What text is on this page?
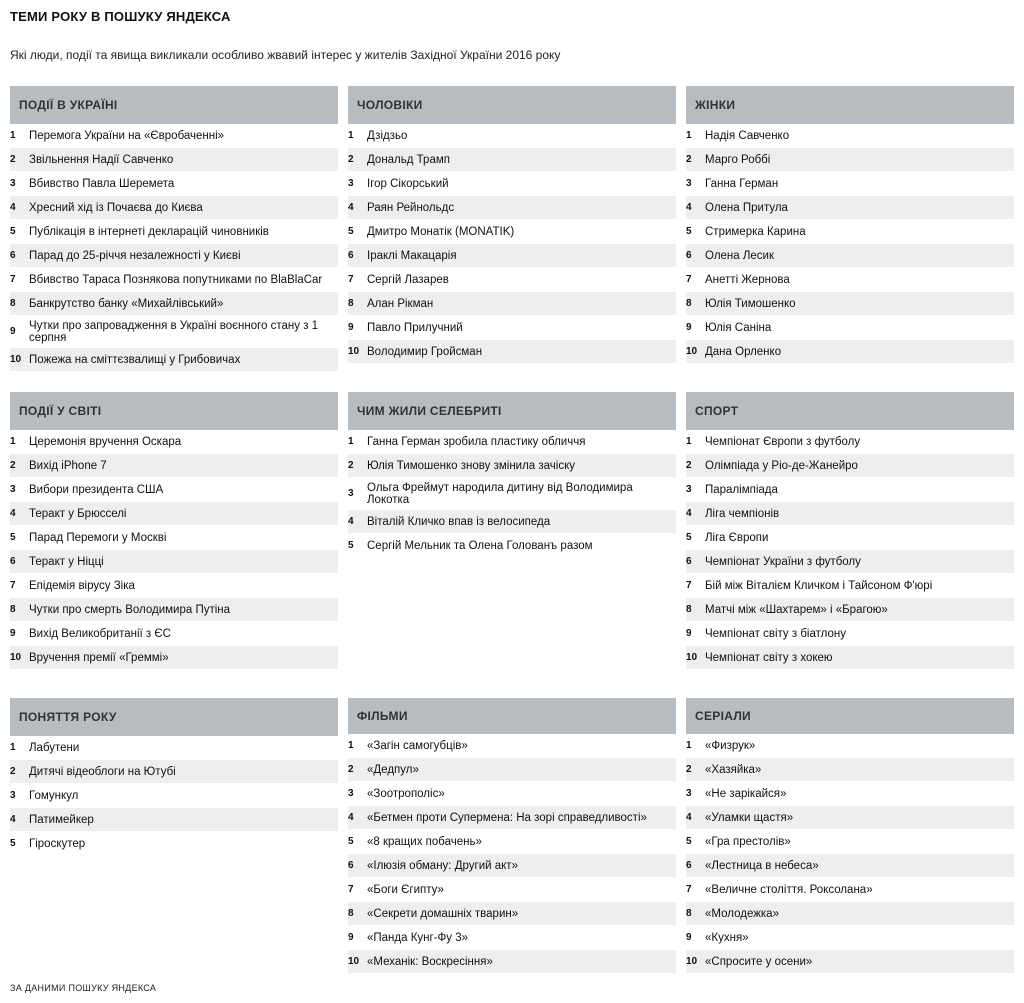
ТЕМИ РОКУ В ПОШУКУ ЯНДЕКСА
Які люди, події та явища викликали особливо жвавий інтерес у жителів Західної України 2016 року
ПОДІЇ В УКРАЇНІ
1	Перемога України на «Євробаченні»
2	Звільнення Надії Савченко
3	Вбивство Павла Шеремета
4	Хресний хід із Почаєва до Києва
5	Публікація в інтернеті декларацій чиновників
6	Парад до 25-річчя незалежності у Києві
7	Вбивство Тараса Познякова попутниками по BlaBlaCar
8	Банкрутство банку «Михайлівський»
9	Чутки про запровадження в Україні воєнного стану з 1 серпня
10 Пожежа на сміттєзвалищі у Грибовичах
ЧОЛОВІКИ
1	Дзідзьо
2	Дональд Трамп
3	Ігор Сікорський
4	Раян Рейнольдс
5	Дмитро Монатік (MONATIK)
6	Іраклі Макацарія
7	Сергій Лазарев
8	Алан Рікман
9	Павло Прилучний
10 Володимир Гройсман
ЖІНКИ
1	Надія Савченко
2	Марго Роббі
3	Ганна Герман
4	Олена Притула
5	Стримерка Карина
6	Олена Лесик
7	Анетті Жернова
8	Юлія Тимошенко
9	Юлія Саніна
10 Дана Орленко
ПОДІЇ У СВІТІ
1	Церемонія вручення Оскара
2	Вихід iPhone 7
3	Вибори президента США
4	Теракт у Брюсселі
5	Парад Перемоги у Москві
6	Теракт у Ніцці
7	Епідемія вірусу Зіка
8	Чутки про смерть Володимира Путіна
9	Вихід Великобританії з ЄС
10 Вручення премії «Греммі»
ЧИМ ЖИЛИ СЕЛЕБРИТІ
1	Ганна Герман зробила пластику обличчя
2	Юлія Тимошенко знову змінила зачіску
3	Ольга Фреймут народила дитину від Володимира Локотка
4	Віталій Кличко впав із велосипеда
5	Сергій Мельник та Олена Голованъ разом
СПОРТ
1	Чемпіонат Європи з футболу
2	Олімпіада у Ріо-де-Жанейро
3	Паралімпіада
4	Ліга чемпіонів
5	Ліга Європи
6	Чемпіонат України з футболу
7	Бій між Віталієм Кличком і Тайсоном Ф'юрі
8	Матчі між «Шахтарем» і «Брагою»
9	Чемпіонат світу з біатлону
10 Чемпіонат світу з хокею
ПОНЯТТЯ РОКУ
1	Лабутени
2	Дитячі відеоблоги на Ютубі
3	Гомункул
4	Патимейкер
5	Гіроскутер
ФІЛЬМИ
1	«Загін самогубців»
2	«Дедпул»
3	«Зоотрополіс»
4	«Бетмен проти Супермена: На зорі справедливості»
5	«8 кращих побачень»
6	«Ілюзія обману: Другий акт»
7	«Боги Єгипту»
8	«Секрети домашніх тварин»
9	«Панда Кунг-Фу 3»
10 «Механік: Воскресіння»
СЕРІАЛИ
1	«Физрук»
2	«Хазяйка»
3	«Не зарікайся»
4	«Уламки щастя»
5	«Гра престолів»
6	«Лестница в небеса»
7	«Величне століття. Роксолана»
8	«Молодежка»
9	«Кухня»
10 «Спросите у осени»
ЗА ДАНИМИ ПОШУКУ ЯНДЕКСА
